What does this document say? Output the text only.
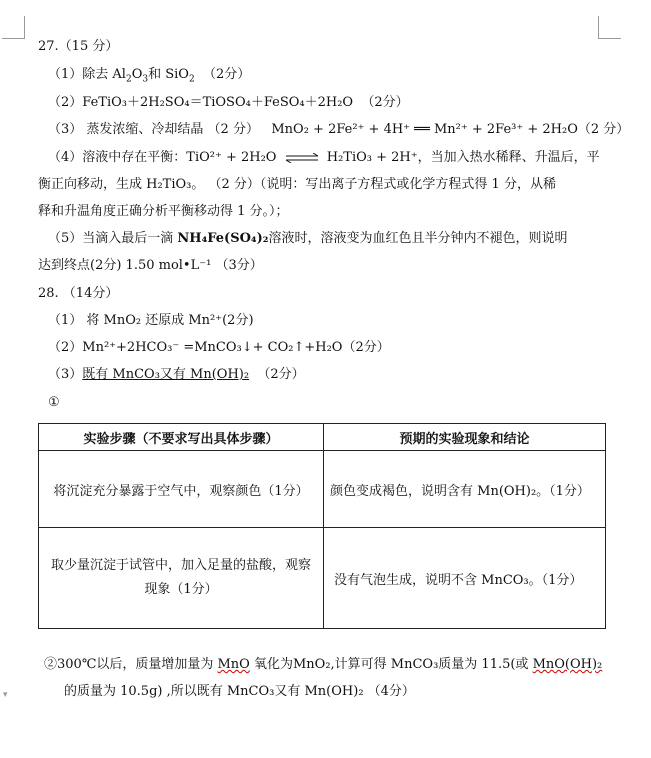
27.（15 分）
（1）除去 $Al_2O_3$和 SiO$_2$ （2分）
（2）FeTiO₃＋2H₂SO₄＝TiOSO₄＋FeSO₄＋2H₂O （2分）
（3） 蒸发浓缩、冷却结晶 （2 分） MnO₂ + 2Fe²⁺ + 4H⁺ ══ Mn²⁺ + 2Fe³⁺ + 2H₂O（2 分）
（4）溶液中存在平衡：TiO²⁺ + 2H₂O ⇌ H₂TiO₃ + 2H⁺，当加入热水稀释、升温后，平
衡正向移动，生成 H₂TiO₃。 （2 分）（说明：写出离子方程式或化学方程式得 1 分，从稀
释和升温角度正确分析平衡移动得 1 分。）；
（5）当滴入最后一滴 NH₄Fe(SO₄)₂溶液时，溶液变为血红色且半分钟内不褪色，则说明
达到终点(2分) 1.50 mol•L⁻¹ （3分）
28. （14分）
（1） 将 MnO₂ 还原成 Mn²⁺(2分)
（2）Mn²⁺+2HCO₃⁻ =MnCO₃↓+ CO₂↑+H₂O（2分）
（3）既有 MnCO₃又有 Mn(OH)₂ （2分）
①
实验步骤（不要求写出具体步骤）	预期的实验现象和结论
将沉淀充分暴露于空气中，观察颜色（1分）	颜色变成褐色，说明含有 Mn(OH)₂。（1分）
取少量沉淀于试管中，加入足量的盐酸，观察现象（1分）	没有气泡生成，说明不含 MnCO₃。（1分）
②300℃以后，质量增加量为 MnO 氧化为MnO₂,计算可得 MnCO₃质量为 11.5(或 MnO(OH)₂
的质量为 10.5g) ,所以既有 MnCO₃又有 Mn(OH)₂ （4分）
▾
